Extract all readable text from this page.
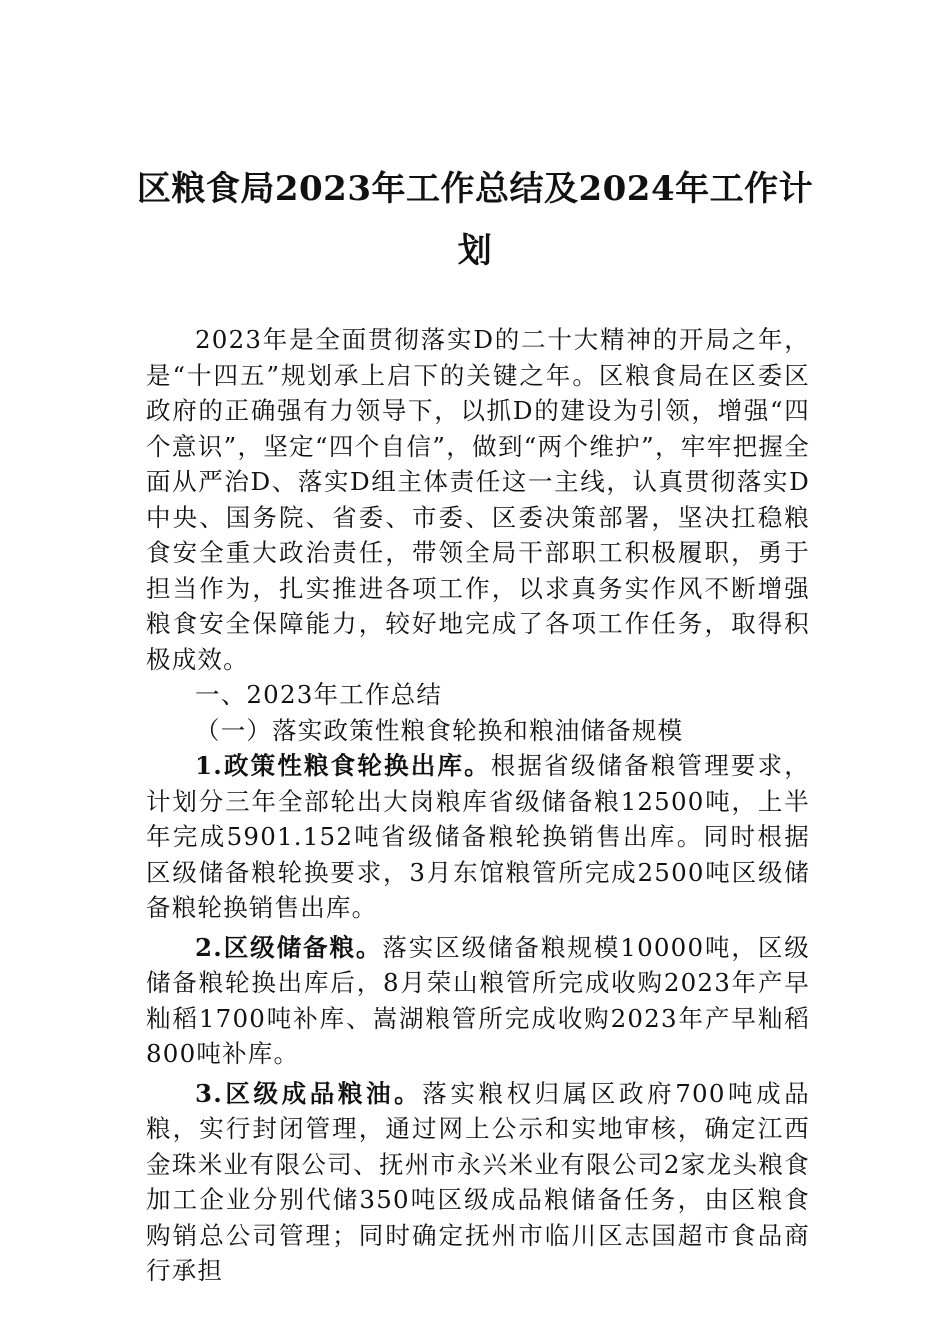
区粮食局2023年工作总结及2024年工作计划

2023年是全面贯彻落实D的二十大精神的开局之年，是“十四五”规划承上启下的关键之年。区粮食局在区委区政府的正确强有力领导下，以抓D的建设为引领，增强“四个意识”，坚定“四个自信”，做到“两个维护”，牢牢把握全面从严治D、落实D组主体责任这一主线，认真贯彻落实D中央、国务院、省委、市委、区委决策部署，坚决扛稳粮食安全重大政治责任，带领全局干部职工积极履职，勇于担当作为，扎实推进各项工作，以求真务实作风不断增强粮食安全保障能力，较好地完成了各项工作任务，取得积极成效。

一、2023年工作总结

（一）落实政策性粮食轮换和粮油储备规模

1.政策性粮食轮换出库。根据省级储备粮管理要求，计划分三年全部轮出大岗粮库省级储备粮12500吨，上半年完成5901.152吨省级储备粮轮换销售出库。同时根据区级储备粮轮换要求，3月东馆粮管所完成2500吨区级储备粮轮换销售出库。

2.区级储备粮。落实区级储备粮规模10000吨，区级储备粮轮换出库后，8月荣山粮管所完成收购2023年产早籼稻1700吨补库、嵩湖粮管所完成收购2023年产早籼稻800吨补库。

3.区级成品粮油。落实粮权归属区政府700吨成品粮，实行封闭管理，通过网上公示和实地审核，确定江西金珠米业有限公司、抚州市永兴米业有限公司2家龙头粮食加工企业分别代储350吨区级成品粮储备任务，由区粮食购销总公司管理；同时确定抚州市临川区志国超市食品商行承担
